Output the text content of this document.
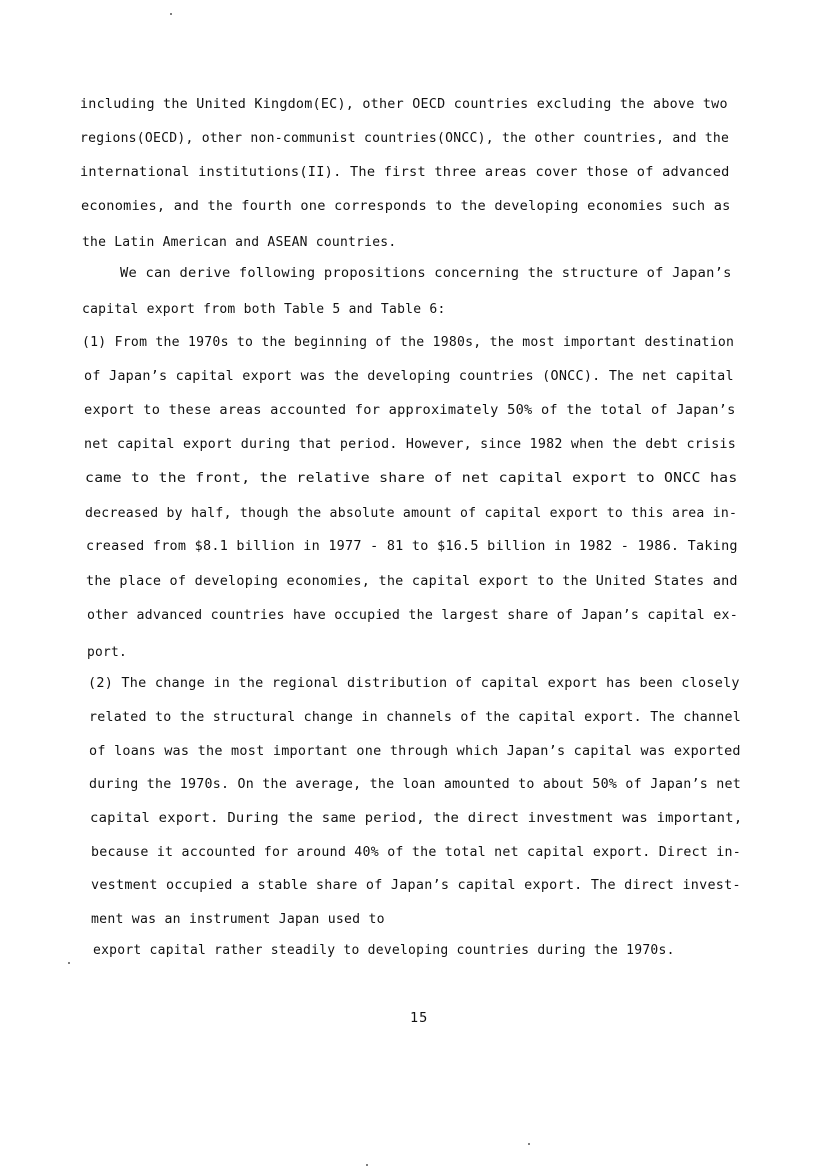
including the United Kingdom(EC), other OECD countries excluding the above two
regions(OECD), other non-communist countries(ONCC), the other countries, and the
international institutions(II). The first three areas cover those of advanced
economies, and the fourth one corresponds to the developing economies such as
the Latin American and ASEAN countries.
We can derive following propositions concerning the structure of Japan’s
capital export from both Table 5 and Table 6:
(1) From the 1970s to the beginning of the 1980s, the most important destination
of Japan’s capital export was the developing countries (ONCC). The net capital
export to these areas accounted for approximately 50% of the total of Japan’s
net capital export during that period. However, since 1982 when the debt crisis
came to the front, the relative share of net capital export to ONCC has
decreased by half, though the absolute amount of capital export to this area in-
creased from $8.1 billion in 1977 - 81 to $16.5 billion in 1982 - 1986. Taking
the place of developing economies, the capital export to the United States and
other advanced countries have occupied the largest share of Japan’s capital ex-
port.
(2) The change in the regional distribution of capital export has been closely
related to the structural change in channels of the capital export. The channel
of loans was the most important one through which Japan’s capital was exported
during the 1970s. On the average, the loan amounted to about 50% of Japan’s net
capital export. During the same period, the direct investment was important,
because it accounted for around 40% of the total net capital export. Direct in-
vestment occupied a stable share of Japan’s capital export. The direct invest-
ment was an instrument Japan used to
export capital rather steadily to developing countries during the 1970s.
15
